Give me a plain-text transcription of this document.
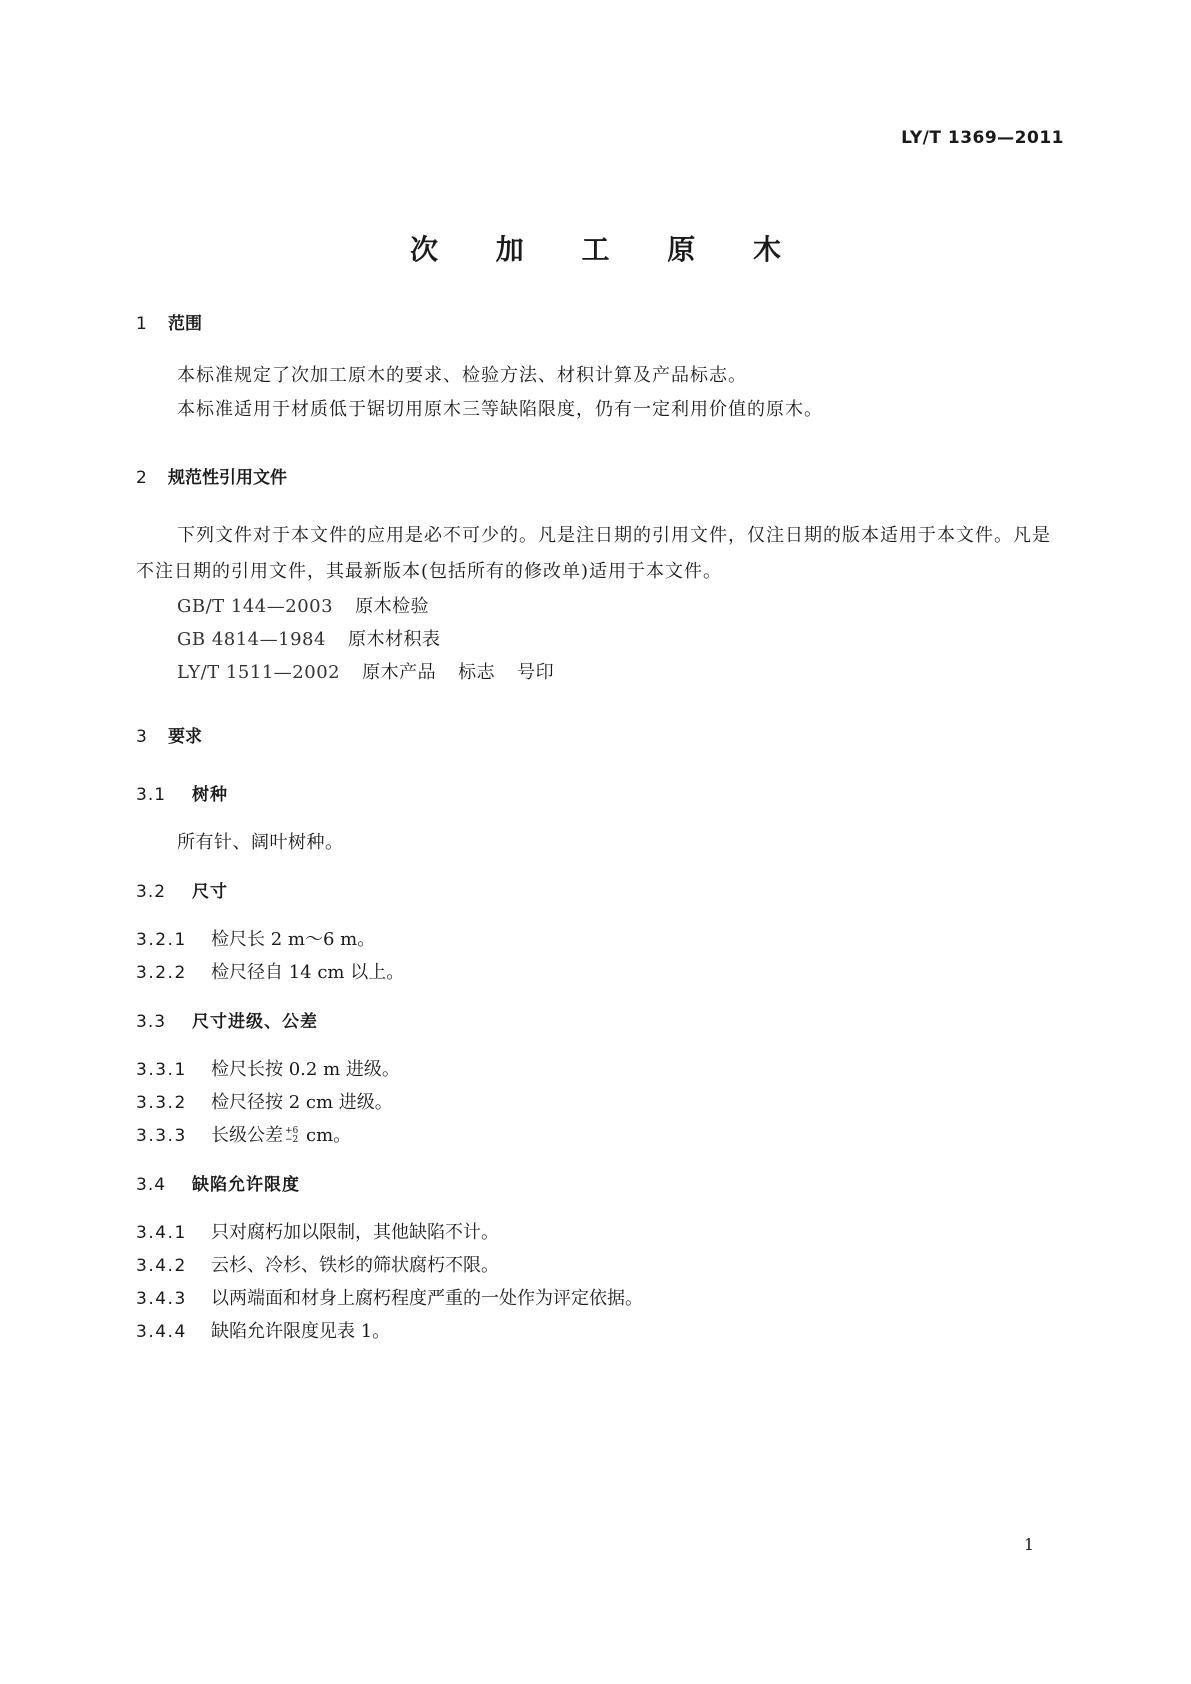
LY/T 1369—2011
次 加 工 原 木
1 范围
本标准规定了次加工原木的要求、检验方法、材积计算及产品标志。
本标准适用于材质低于锯切用原木三等缺陷限度，仍有一定利用价值的原木。
2 规范性引用文件
下列文件对于本文件的应用是必不可少的。凡是注日期的引用文件，仅注日期的版本适用于本文件。凡是不注日期的引用文件，其最新版本(包括所有的修改单)适用于本文件。
GB/T 144—2003 原木检验
GB 4814—1984 原木材积表
LY/T 1511—2002 原木产品 标志 号印
3 要求
3.1 树种
所有针、阔叶树种。
3.2 尺寸
3.2.1 检尺长 2 m～6 m。
3.2.2 检尺径自 14 cm 以上。
3.3 尺寸进级、公差
3.3.1 检尺长按 0.2 m 进级。
3.3.2 检尺径按 2 cm 进级。
3.3.3 长级公差 +6
−2 cm。
3.4 缺陷允许限度
3.4.1 只对腐朽加以限制，其他缺陷不计。
3.4.2 云杉、冷杉、铁杉的筛状腐朽不限。
3.4.3 以两端面和材身上腐朽程度严重的一处作为评定依据。
3.4.4 缺陷允许限度见表 1。
1
